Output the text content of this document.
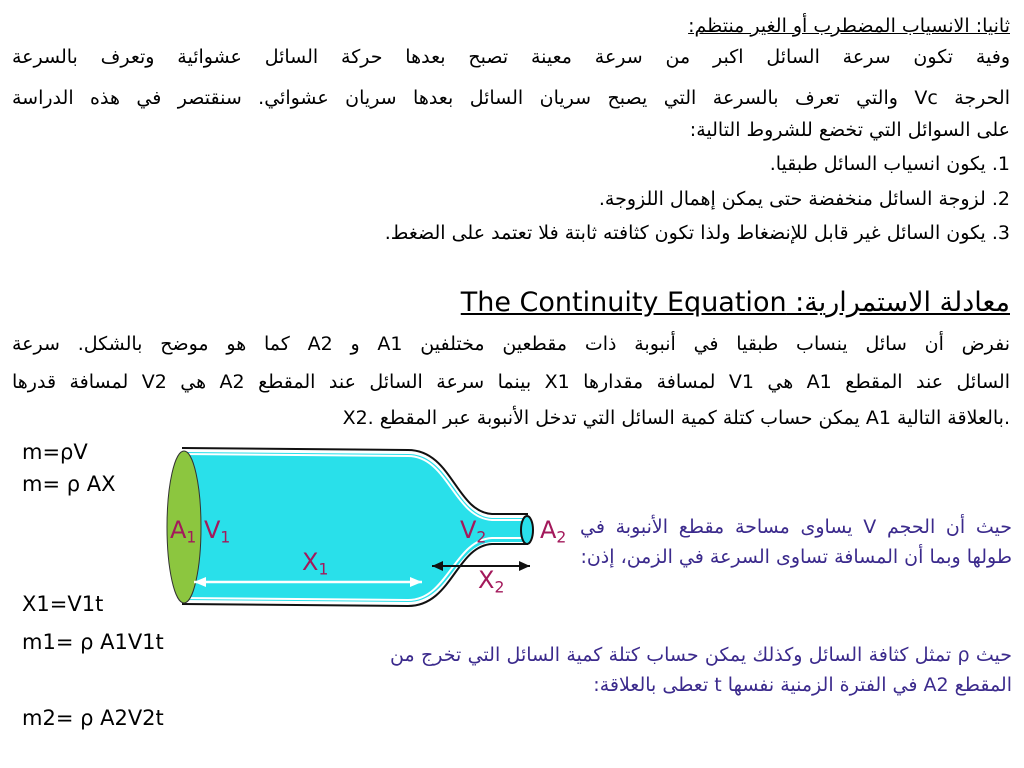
ثانيا: الانسياب المضطرب أو الغير منتظم:
وفية تكون سرعة السائل اكبر من سرعة معينة تصبح بعدها حركة السائل عشوائية وتعرف بالسرعة
الحرجة Vc والتي تعرف بالسرعة التي يصبح سريان السائل بعدها سريان عشوائي. سنقتصر في هذه الدراسة
على السوائل التي تخضع للشروط التالية:
1. يكون انسياب السائل طبقيا.
2. لزوجة السائل منخفضة حتى يمكن إهمال اللزوجة.
3. يكون السائل غير قابل للإنضغاط ولذا تكون كثافته ثابتة فلا تعتمد على الضغط.
معادلة الاستمرارية: The Continuity Equation
نفرض أن سائل ينساب طبقيا في أنبوبة ذات مقطعين مختلفين A1 و A2 كما هو موضح بالشكل. سرعة
السائل عند المقطع A1 هي V1 لمسافة مقدارها X1 بينما سرعة السائل عند المقطع A2 هي V2 لمسافة قدرها
X2. يمكن حساب كتلة كمية السائل التي تدخل الأنبوبة عبر المقطع A1 بالعلاقة التالية.
m=ρV
m= ρ AX
X1=V1t
m1= ρ A1V1t
m2= ρ A2V2t
$A_1$ $V_1$	$V_2$ $A_2$
$X_1$	$X_2$
حيث أن الحجم V يساوى مساحة مقطع الأنبوبة في طولها وبما أن المسافة تساوى السرعة في الزمن، إذن:
حيث ρ تمثل كثافة السائل وكذلك يمكن حساب كتلة كمية السائل التي تخرج من المقطع A2 في الفترة الزمنية نفسها t تعطى بالعلاقة:
